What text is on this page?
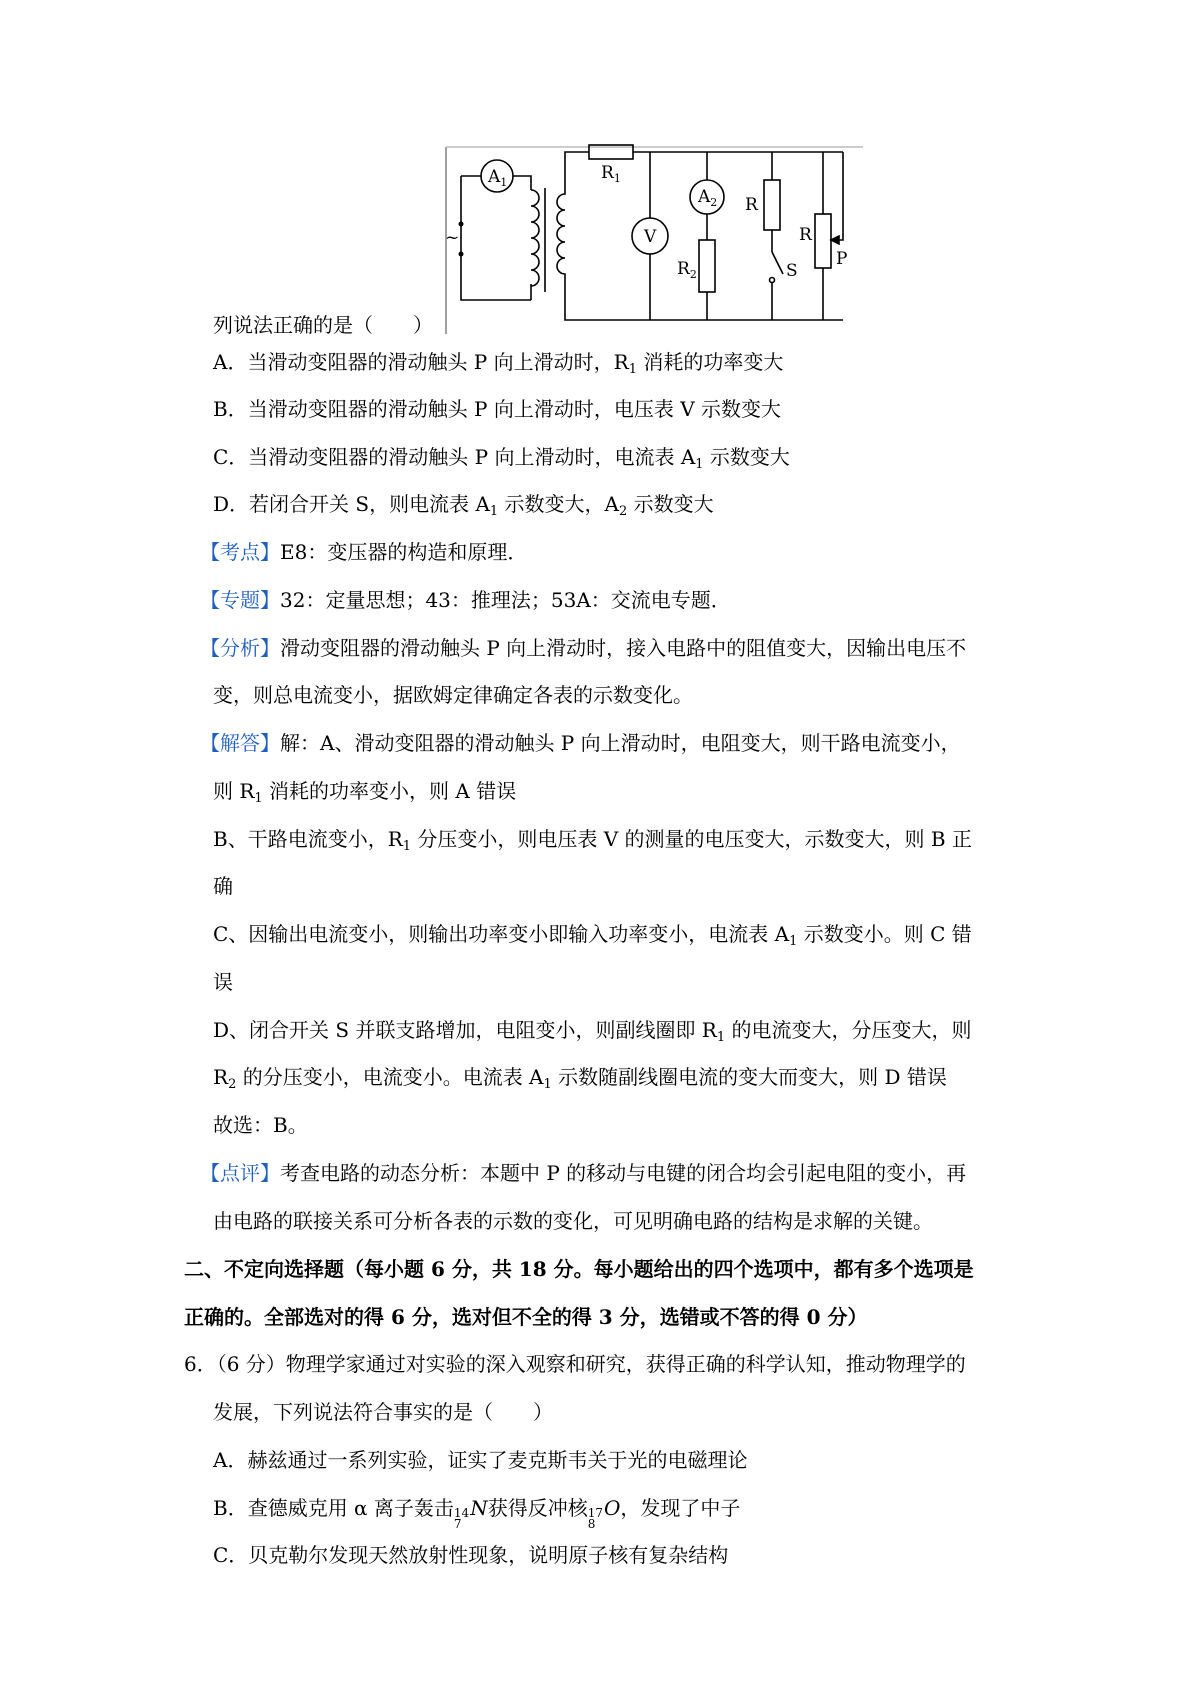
~
$A_1$	$R_1$
V
$A_2$
$R_2$
R
S
R
P
列说法正确的是（　　）
A．当滑动变阻器的滑动触头 P 向上滑动时，$R_1$ 消耗的功率变大
B．当滑动变阻器的滑动触头 P 向上滑动时，电压表 V 示数变大
C．当滑动变阻器的滑动触头 P 向上滑动时，电流表 $A_1$ 示数变大
D．若闭合开关 S，则电流表 $A_1$ 示数变大，$A_2$ 示数变大
【考点】E8：变压器的构造和原理．
【专题】32：定量思想；43：推理法；53A：交流电专题．
【分析】滑动变阻器的滑动触头 P 向上滑动时，接入电路中的阻值变大，因输出电压不
变，则总电流变小，据欧姆定律确定各表的示数变化。
【解答】解：A、滑动变阻器的滑动触头 P 向上滑动时，电阻变大，则干路电流变小，
则 $R_1$ 消耗的功率变小，则 A 错误
B、干路电流变小，$R_1$ 分压变小，则电压表 V 的测量的电压变大，示数变大，则 B 正
确
C、因输出电流变小，则输出功率变小即输入功率变小，电流表 $A_1$ 示数变小。则 C 错
误
D、闭合开关 S 并联支路增加，电阻变小，则副线圈即 $R_1$ 的电流变大，分压变大，则
$R_2$ 的分压变小，电流变小。电流表 $A_1$ 示数随副线圈电流的变大而变大，则 D 错误
故选：B。
【点评】考查电路的动态分析：本题中 P 的移动与电键的闭合均会引起电阻的变小，再
由电路的联接关系可分析各表的示数的变化，可见明确电路的结构是求解的关键。
二、不定向选择题（每小题 6 分，共 18 分。每小题给出的四个选项中，都有多个选项是
正确的。全部选对的得 6 分，选对但不全的得 3 分，选错或不答的得 0 分）
6．（6 分）物理学家通过对实验的深入观察和研究，获得正确的科学认知，推动物理学的
发展，下列说法符合事实的是（　　）
A．赫兹通过一系列实验，证实了麦克斯韦关于光的电磁理论
B．查德威克用 α 离子轰击 14
7
N获得反冲核 17
8
O，发现了中子
C．贝克勒尔发现天然放射性现象，说明原子核有复杂结构
